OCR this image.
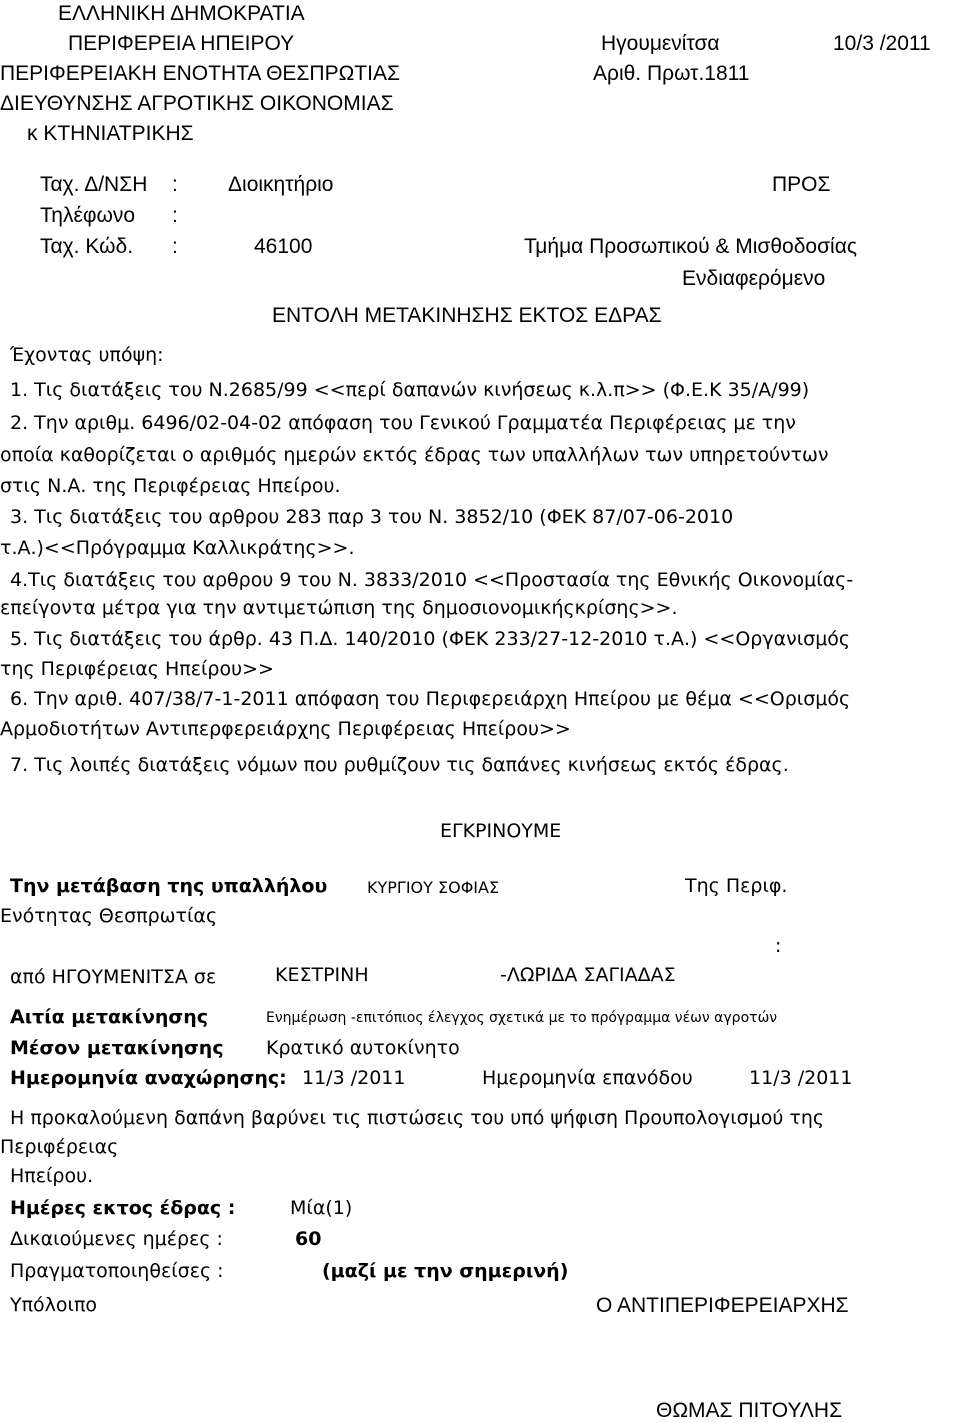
ΕΛΛΗΝΙΚΗ ΔΗΜΟΚΡΑΤΙΑ
ΠΕΡΙΦΕΡΕΙΑ ΗΠΕΙΡΟΥ	Ηγουμενίτσα	10/3 /2011
ΠΕΡΙΦΕΡΕΙΑΚΗ ΕΝΟΤΗΤΑ ΘΕΣΠΡΩΤΙΑΣ	Αριθ. Πρωτ.1811
ΔΙΕΥΘΥΝΣΗΣ ΑΓΡΟΤΙΚΗΣ ΟΙΚΟΝΟΜΙΑΣ
κ ΚΤΗΝΙΑΤΡΙΚΗΣ
Ταχ. Δ/ΝΣΗ : Διοικητήριο	ΠΡΟΣ
Τηλέφωνο :
Ταχ. Κώδ. :	46100	Τμήμα Προσωπικού & Μισθοδοσίας
Ενδιαφερόμενο
ΕΝΤΟΛΗ ΜΕΤΑΚΙΝΗΣΗΣ ΕΚΤΟΣ ΕΔΡΑΣ
Έχοντας υπόψη:
1. Τις διατάξεις του Ν.2685/99 <<περί δαπανών κινήσεως κ.λ.π>> (Φ.Ε.Κ 35/Α/99)
2. Την αριθμ. 6496/02-04-02 απόφαση του Γενικού Γραμματέα Περιφέρειας με την
οποία καθορίζεται ο αριθμός ημερών εκτός έδρας των υπαλλήλων των υπηρετούντων
στις Ν.Α. της Περιφέρειας Ηπείρου.
3. Τις διατάξεις του αρθρου 283 παρ 3 του Ν. 3852/10 (ΦΕΚ 87/07-06-2010
τ.Α.)<<Πρόγραμμα Καλλικράτης>>.
4.Τις διατάξεις του αρθρου 9 του Ν. 3833/2010 <<Προστασία της Εθνικής Οικονομίας-
επείγοντα μέτρα για την αντιμετώπιση της δημοσιονομικήςκρίσης>>.
5. Τις διατάξεις του άρθρ. 43 Π.Δ. 140/2010 (ΦΕΚ 233/27-12-2010 τ.Α.) <<Οργανισμός
της Περιφέρειας Ηπείρου>>
6. Την αριθ. 407/38/7-1-2011 απόφαση του Περιφερειάρχη Ηπείρου με θέμα <<Ορισμός
Αρμοδιοτήτων Αντιπερφερειάρχης Περιφέρειας Ηπείρου>>
7. Τις λοιπές διατάξεις νόμων που ρυθμίζουν τις δαπάνες κινήσεως εκτός έδρας.
ΕΓΚΡΙΝΟΥΜΕ
Την μετάβαση της υπαλλήλου ΚΥΡΓΙΟΥ ΣΟΦΙΑΣ	Της Περιφ.
Ενότητας Θεσπρωτίας
:
από ΗΓΟΥΜΕΝΙΤΣΑ σε	ΚΕΣΤΡΙΝΗ	-ΛΩΡΙΔΑ ΣΑΓΙΑΔΑΣ
Αιτία μετακίνησης	Ενημέρωση -επιτόπιος έλεγχος σχετικά με το πρόγραμμα νέων αγροτών
Μέσον μετακίνησης Κρατικό αυτοκίνητο
Ημερομηνία αναχώρησης: 11/3 /2011	Ημερομηνία επανόδου	11/3 /2011
Η προκαλούμενη δαπάνη βαρύνει τις πιστώσεις του υπό ψήφιση Προυπολογισμού της
Περιφέρειας
Ηπείρου.
Ημέρες εκτος έδρας :	Μία(1)
Δικαιούμενες ημέρες :	60
Πραγματοποιηθείσες :	(μαζί με την σημερινή)
Υπόλοιπο	Ο ΑΝΤΙΠΕΡΙΦΕΡΕΙΑΡΧΗΣ
ΘΩΜΑΣ ΠΙΤΟΥΛΗΣ
